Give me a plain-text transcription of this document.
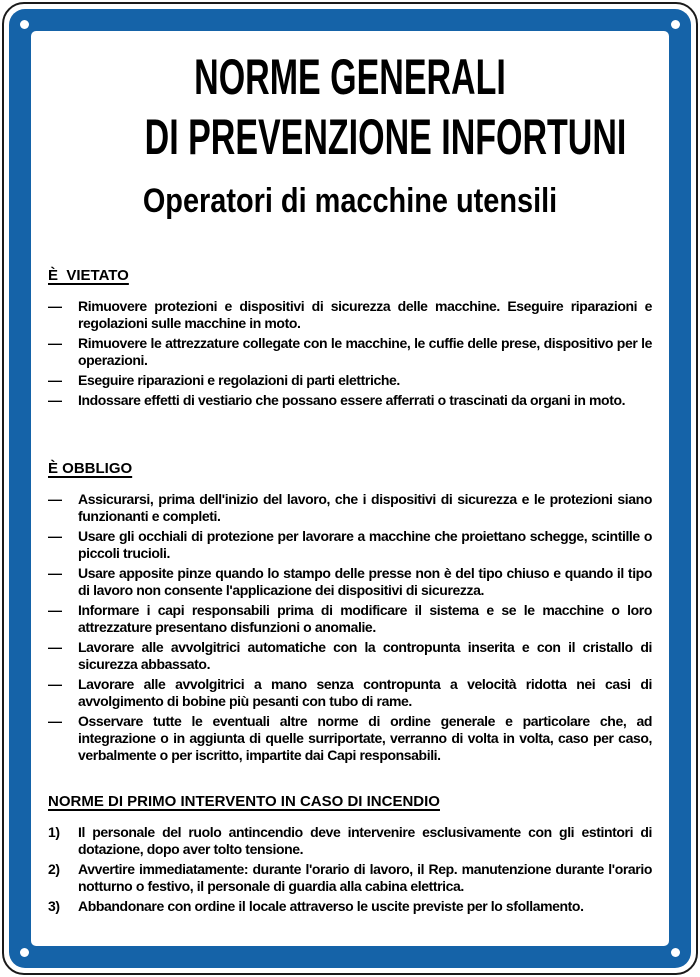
NORME GENERALI
DI PREVENZIONE INFORTUNI
Operatori di macchine utensili
È  VIETATO
—	Rimuovere protezioni e dispositivi di sicurezza delle macchine. Eseguire riparazioni e regolazioni sulle macchine in moto.
—	Rimuovere le attrezzature collegate con le macchine, le cuffie delle prese, dispositivo per le operazioni.
—	Eseguire riparazioni e regolazioni di parti elettriche.
—	Indossare effetti di vestiario che possano essere afferrati o trascinati da organi in moto.
È OBBLIGO
—	Assicurarsi, prima dell'inizio del lavoro, che i dispositivi di sicurezza e le protezioni siano funzionanti e completi.
—	Usare gli occhiali di protezione per lavorare a macchine che proiettano schegge, scintille o piccoli trucioli.
—	Usare apposite pinze quando lo stampo delle presse non è del tipo chiuso e quando il tipo di lavoro non consente l'applicazione dei dispositivi di sicurezza.
—	Informare i capi responsabili prima di modificare il sistema e se le macchine o loro attrezzature presentano disfunzioni o anomalie.
—	Lavorare alle avvolgitrici automatiche con la contropunta inserita e con il cristallo di sicurezza abbassato.
—	Lavorare alle avvolgitrici a mano senza contropunta a velocità ridotta nei casi di avvolgimento di bobine più pesanti con tubo di rame.
—	Osservare tutte le eventuali altre norme di ordine generale e particolare che, ad integrazione o in aggiunta di quelle surriportate, verranno di volta in volta, caso per caso, verbalmente o per iscritto, impartite dai Capi responsabili.
NORME DI PRIMO INTERVENTO IN CASO DI INCENDIO
1)	Il personale del ruolo antincendio deve intervenire esclusivamente con gli estintori di dotazione, dopo aver tolto tensione.
2)	Avvertire immediatamente: durante l'orario di lavoro, il Rep. manutenzione durante l'orario notturno o festivo, il personale di guardia alla cabina elettrica.
3)	Abbandonare con ordine il locale attraverso le uscite previste per lo sfollamento.
